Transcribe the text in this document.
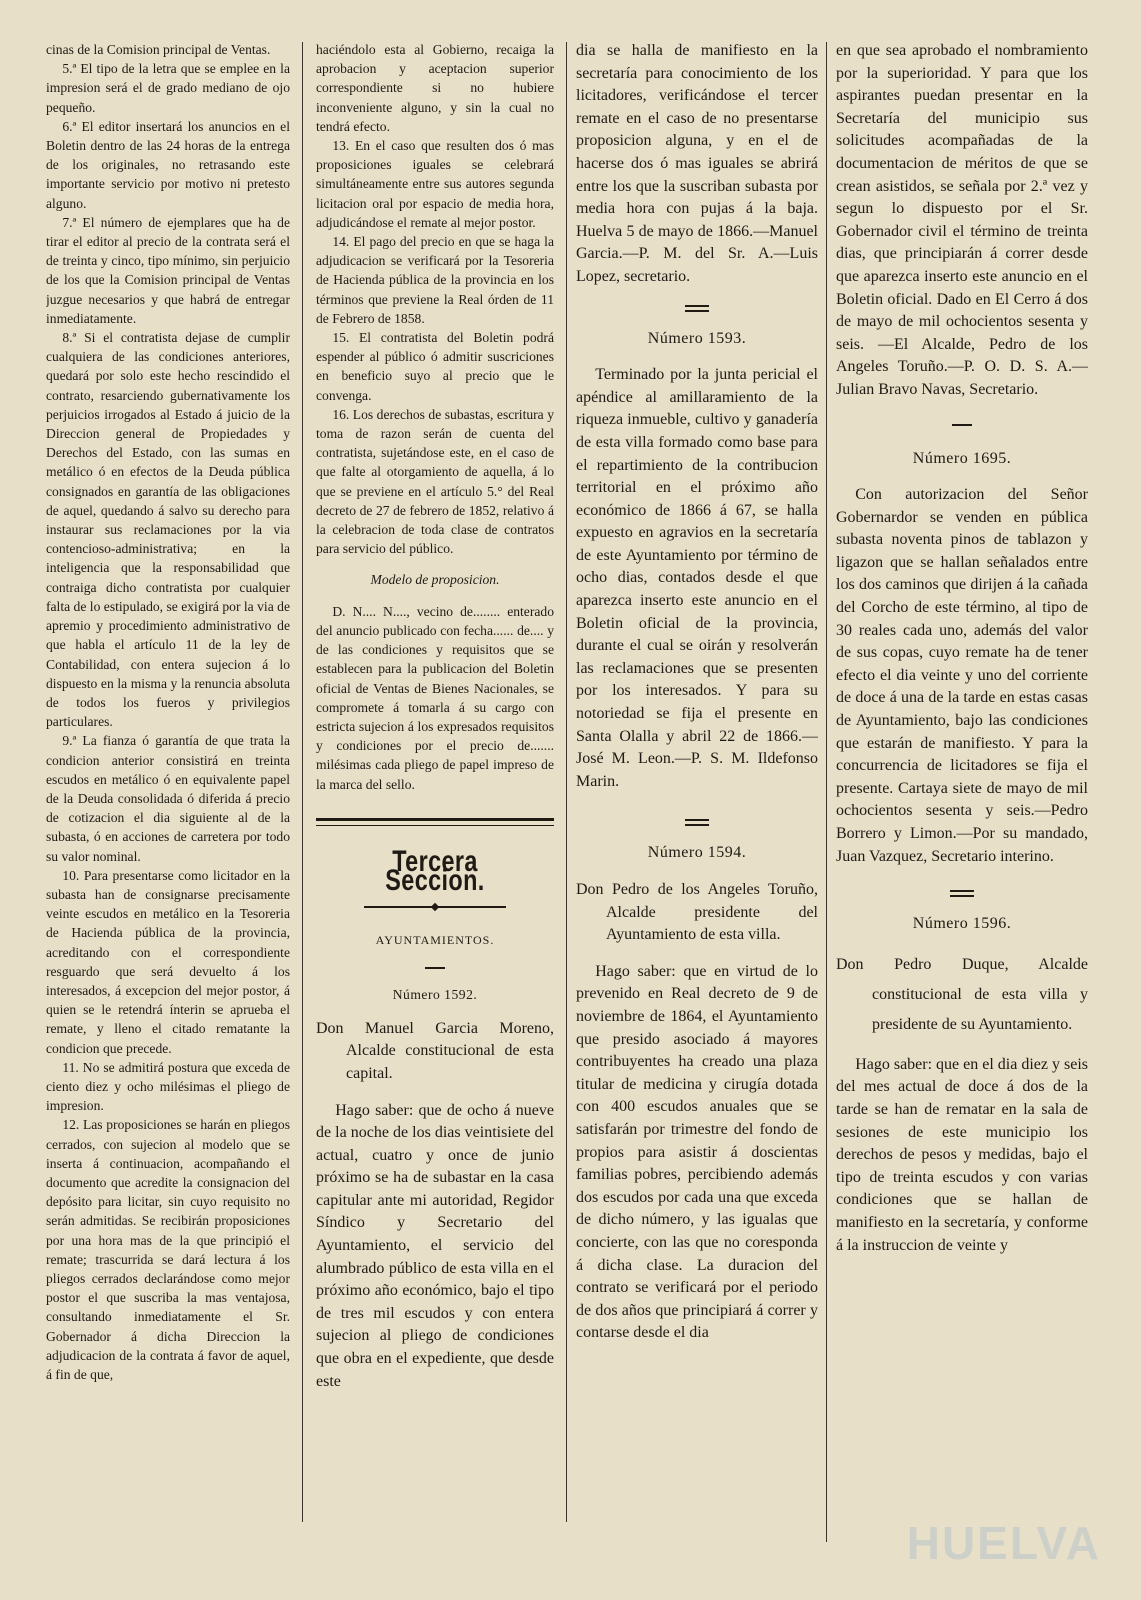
cinas de la Comision principal de Ventas.

5.ª El tipo de la letra que se emplee en la impresion será el de grado mediano de ojo pequeño.

6.ª El editor insertará los anuncios en el Boletin dentro de las 24 horas de la entrega de los originales, no retrasando este importante servicio por motivo ni pretesto alguno.

7.ª El número de ejemplares que ha de tirar el editor al precio de la contrata será el de treinta y cinco, tipo mínimo, sin perjuicio de los que la Comision principal de Ventas juzgue necesarios y que habrá de entregar inmediatamente.

8.ª Si el contratista dejase de cumplir cualquiera de las condiciones anteriores, quedará por solo este hecho rescindido el contrato, resarciendo gubernativamente los perjuicios irrogados al Estado á juicio de la Direccion general de Propiedades y Derechos del Estado, con las sumas en metálico ó en efectos de la Deuda pública consignados en garantía de las obligaciones de aquel, quedando á salvo su derecho para instaurar sus reclamaciones por la via contencioso-administrativa; en la inteligencia que la responsabilidad que contraiga dicho contratista por cualquier falta de lo estipulado, se exigirá por la via de apremio y procedimiento administrativo de que habla el artículo 11 de la ley de Contabilidad, con entera sujecion á lo dispuesto en la misma y la renuncia absoluta de todos los fueros y privilegios particulares.

9.ª La fianza ó garantía de que trata la condicion anterior consistirá en treinta escudos en metálico ó en equivalente papel de la Deuda consolidada ó diferida á precio de cotizacion el dia siguiente al de la subasta, ó en acciones de carretera por todo su valor nominal.

10. Para presentarse como licitador en la subasta han de consignarse precisamente veinte escudos en metálico en la Tesoreria de Hacienda pública de la provincia, acreditando con el correspondiente resguardo que será devuelto á los interesados, á excepcion del mejor postor, á quien se le retendrá ínterin se aprueba el remate, y lleno el citado rematante la condicion que precede.

11. No se admitirá postura que exceda de ciento diez y ocho milésimas el pliego de impresion.

12. Las proposiciones se harán en pliegos cerrados, con sujecion al modelo que se inserta á continuacion, acompañando el documento que acredite la consignacion del depósito para licitar, sin cuyo requisito no serán admitidas. Se recibirán proposiciones por una hora mas de la que principió el remate; trascurrida se dará lectura á los pliegos cerrados declarándose como mejor postor el que suscriba la mas ventajosa, consultando inmediatamente el Sr. Gobernador á dicha Direccion la adjudicacion de la contrata á favor de aquel, á fin de que,

haciéndolo esta al Gobierno, recaiga la aprobacion y aceptacion superior correspondiente si no hubiere inconveniente alguno, y sin la cual no tendrá efecto.

13. En el caso que resulten dos ó mas proposiciones iguales se celebrará simultáneamente entre sus autores segunda licitacion oral por espacio de media hora, adjudicándose el remate al mejor postor.

14. El pago del precio en que se haga la adjudicacion se verificará por la Tesoreria de Hacienda pública de la provincia en los términos que previene la Real órden de 11 de Febrero de 1858.

15. El contratista del Boletin podrá espender al público ó admitir suscriciones en beneficio suyo al precio que le convenga.

16. Los derechos de subastas, escritura y toma de razon serán de cuenta del contratista, sujetándose este, en el caso de que falte al otorgamiento de aquella, á lo que se previene en el artículo 5.° del Real decreto de 27 de febrero de 1852, relativo á la celebracion de toda clase de contratos para servicio del público.

Modelo de proposicion.

D. N.... N...., vecino de........ enterado del anuncio publicado con fecha...... de.... y de las condiciones y requisitos que se establecen para la publicacion del Boletin oficial de Ventas de Bienes Nacionales, se compromete á tomarla á su cargo con estricta sujecion á los expresados requisitos y condiciones por el precio de....... milésimas cada pliego de papel impreso de la marca del sello.

Tercera Seccion.

AYUNTAMIENTOS.

Número 1592.

Don Manuel Garcia Moreno, Alcalde constitucional de esta capital.

Hago saber: que de ocho á nueve de la noche de los dias veintisiete del actual, cuatro y once de junio próximo se ha de subastar en la casa capitular ante mi autoridad, Regidor Síndico y Secretario del Ayuntamiento, el servicio del alumbrado público de esta villa en el próximo año económico, bajo el tipo de tres mil escudos y con entera sujecion al pliego de condiciones que obra en el expediente, que desde este

dia se halla de manifiesto en la secretaría para conocimiento de los licitadores, verificándose el tercer remate en el caso de no presentarse proposicion alguna, y en el de hacerse dos ó mas iguales se abrirá entre los que la suscriban subasta por media hora con pujas á la baja. Huelva 5 de mayo de 1866.—Manuel Garcia.—P. M. del Sr. A.—Luis Lopez, secretario.

Número 1593.

Terminado por la junta pericial el apéndice al amillaramiento de la riqueza inmueble, cultivo y ganadería de esta villa formado como base para el repartimiento de la contribucion territorial en el próximo año económico de 1866 á 67, se halla expuesto en agravios en la secretaría de este Ayuntamiento por término de ocho dias, contados desde el que aparezca inserto este anuncio en el Boletin oficial de la provincia, durante el cual se oirán y resolverán las reclamaciones que se presenten por los interesados. Y para su notoriedad se fija el presente en Santa Olalla y abril 22 de 1866.—José M. Leon.—P. S. M. Ildefonso Marin.

Número 1594.

Don Pedro de los Angeles Toruño, Alcalde presidente del Ayuntamiento de esta villa.

Hago saber: que en virtud de lo prevenido en Real decreto de 9 de noviembre de 1864, el Ayuntamiento que presido asociado á mayores contribuyentes ha creado una plaza titular de medicina y cirugía dotada con 400 escudos anuales que se satisfarán por trimestre del fondo de propios para asistir á doscientas familias pobres, percibiendo además dos escudos por cada una que exceda de dicho número, y las igualas que concierte, con las que no coresponda á dicha clase. La duracion del contrato se verificará por el periodo de dos años que principiará á correr y contarse desde el dia

en que sea aprobado el nombramiento por la superioridad. Y para que los aspirantes puedan presentar en la Secretaría del municipio sus solicitudes acompañadas de la documentacion de méritos de que se crean asistidos, se señala por 2.ª vez y segun lo dispuesto por el Sr. Gobernador civil el término de treinta dias, que principiarán á correr desde que aparezca inserto este anuncio en el Boletin oficial. Dado en El Cerro á dos de mayo de mil ochocientos sesenta y seis. —El Alcalde, Pedro de los Angeles Toruño.—P. O. D. S. A.—Julian Bravo Navas, Secretario.

Número 1695.

Con autorizacion del Señor Gobernardor se venden en pública subasta noventa pinos de tablazon y ligazon que se hallan señalados entre los dos caminos que dirijen á la cañada del Corcho de este término, al tipo de 30 reales cada uno, además del valor de sus copas, cuyo remate ha de tener efecto el dia veinte y uno del corriente de doce á una de la tarde en estas casas de Ayuntamiento, bajo las condiciones que estarán de manifiesto. Y para la concurrencia de licitadores se fija el presente. Cartaya siete de mayo de mil ochocientos sesenta y seis.—Pedro Borrero y Limon.—Por su mandado, Juan Vazquez, Secretario interino.

Número 1596.

Don Pedro Duque, Alcalde constitucional de esta villa y presidente de su Ayuntamiento.

Hago saber: que en el dia diez y seis del mes actual de doce á dos de la tarde se han de rematar en la sala de sesiones de este municipio los derechos de pesos y medidas, bajo el tipo de treinta escudos y con varias condiciones que se hallan de manifiesto en la secretaría, y conforme á la instruccion de veinte y

HUELVA
